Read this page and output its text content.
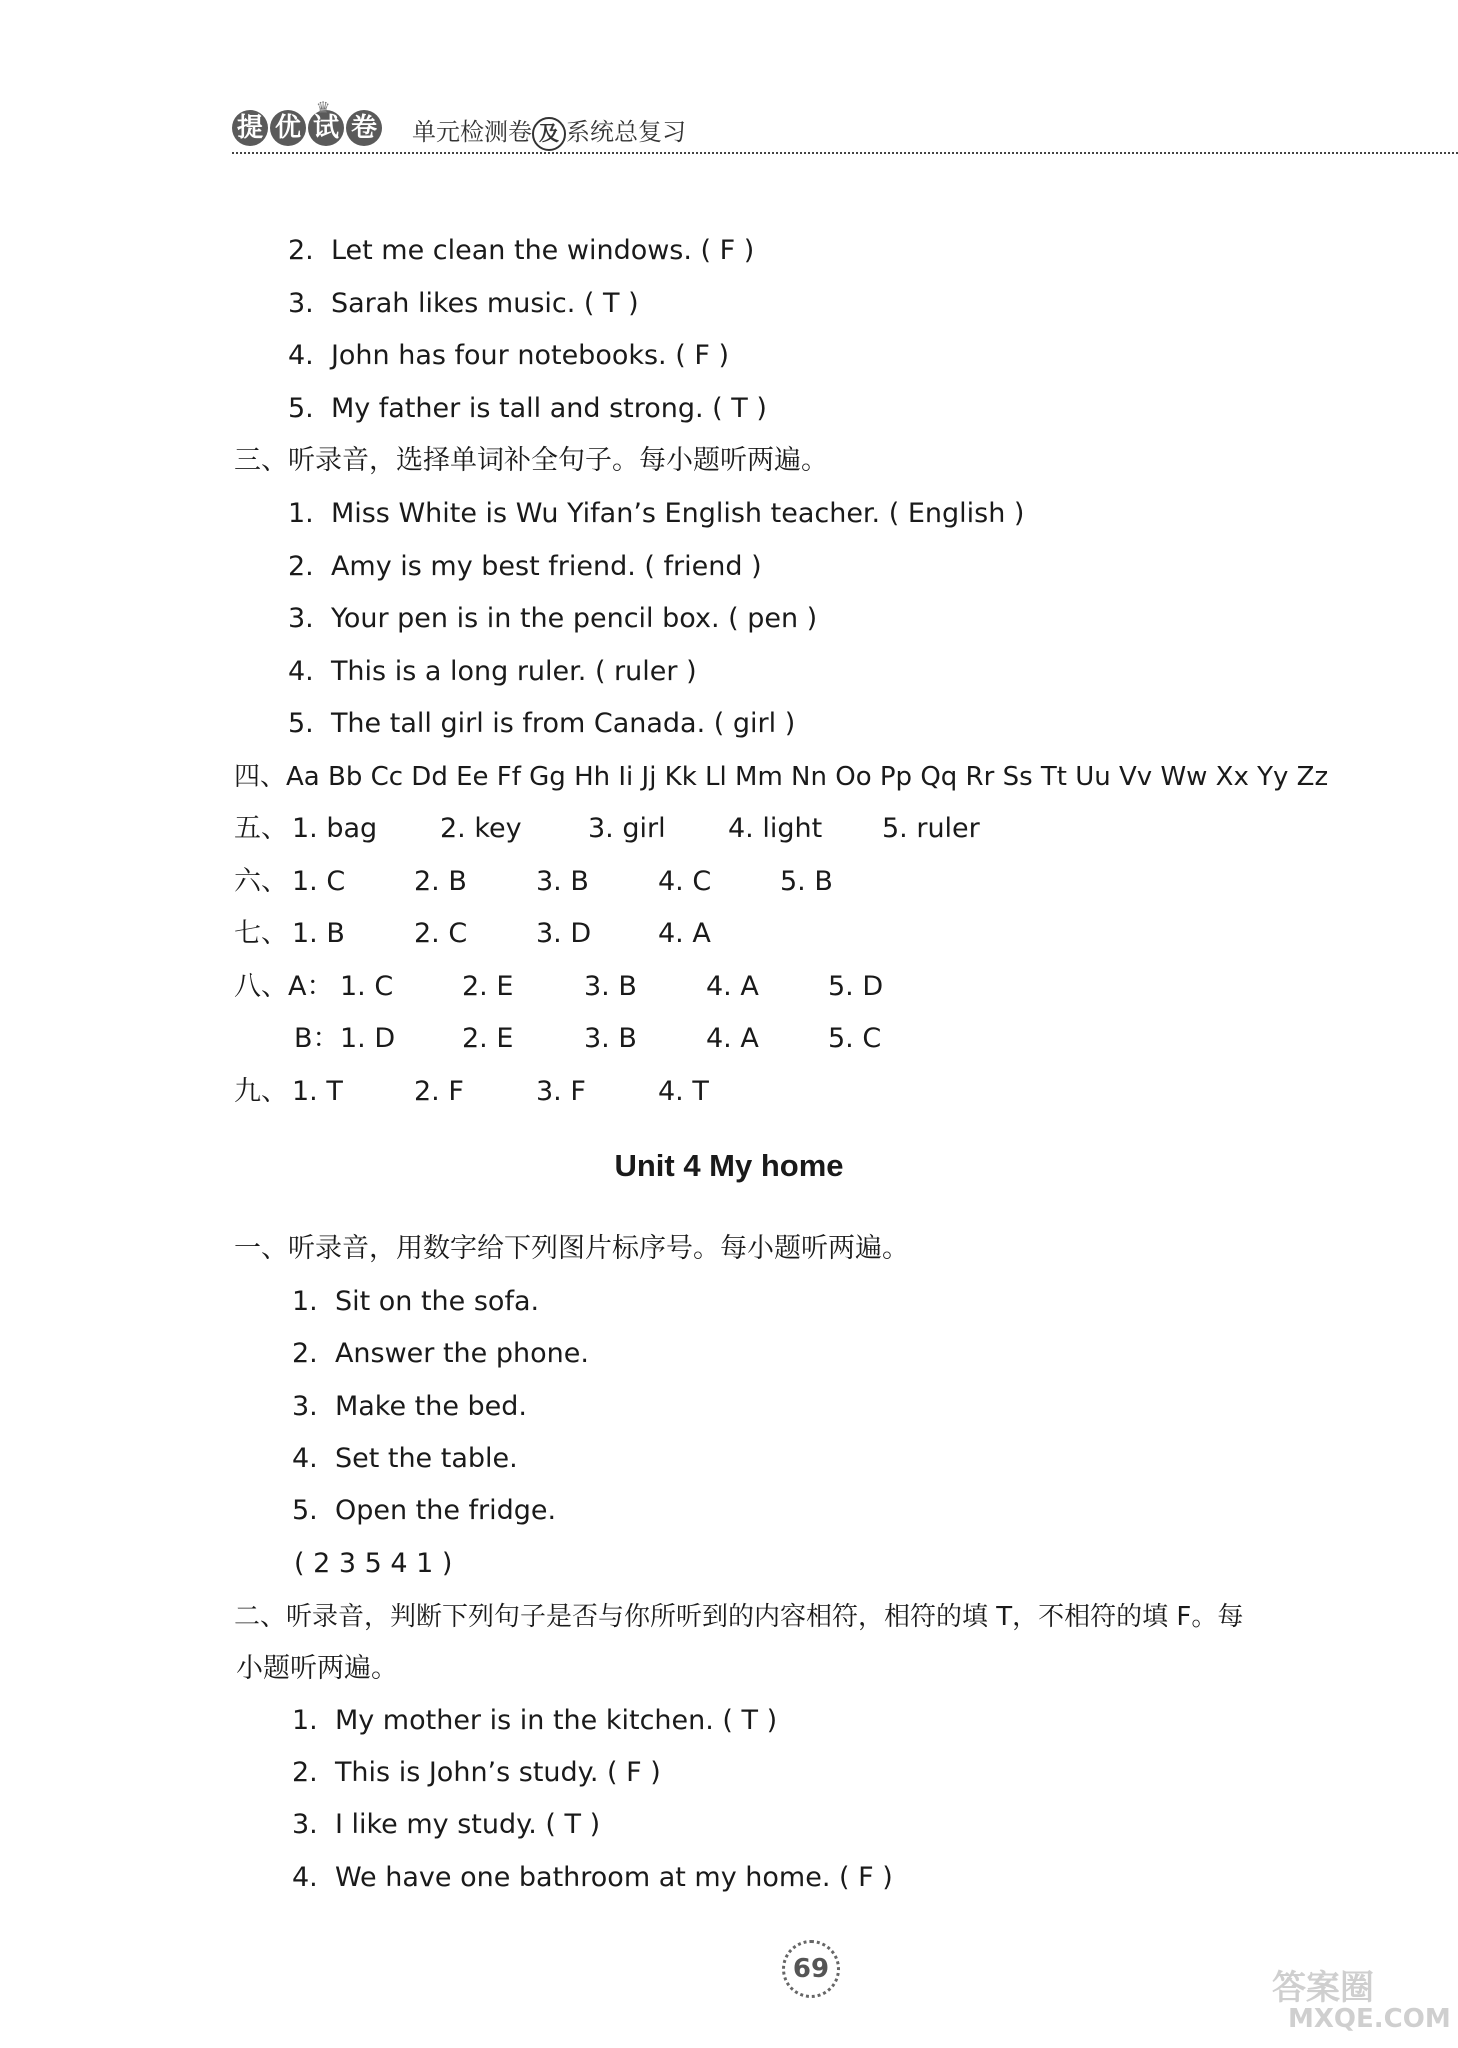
提 优 试 卷
♛
单元检测卷 及 系统总复习
2. Let me clean the windows. ( F )
3. Sarah likes music. ( T )
4. John has four notebooks. ( F )
5. My father is tall and strong. ( T )
三、听录音，选择单词补全句子。每小题听两遍。
1. Miss White is Wu Yifan’s English teacher. ( English )
2. Amy is my best friend. ( friend )
3. Your pen is in the pencil box. ( pen )
4. This is a long ruler. ( ruler )
5. The tall girl is from Canada. ( girl )
四、Aa Bb Cc Dd Ee Ff Gg Hh Ii Jj Kk Ll Mm Nn Oo Pp Qq Rr Ss Tt Uu Vv Ww Xx Yy Zz
五、 1. bag 2. key 3. girl 4. light 5. ruler
六、 1. C	2. B	3. B	4. C	5. B
七、 1. B	2. C	3. D 4. A
八、A： 1. C	2. E	3. B	4. A	5. D
B： 1. D 2. E	3. B	4. A	5. C
九、 1. T	2. F	3. F	4. T
Unit 4 My home
一、听录音，用数字给下列图片标序号。每小题听两遍。
1. Sit on the sofa.
2. Answer the phone.
3. Make the bed.
4. Set the table.
5. Open the fridge.
( 2 3 5 4 1 )
二、听录音，判断下列句子是否与你所听到的内容相符，相符的填 T，不相符的填 F。每
小题听两遍。
1. My mother is in the kitchen. ( T )
2. This is John’s study. ( F )
3. I like my study. ( T )
4. We have one bathroom at my home. ( F )
69	答案圈
MXQE.COM
